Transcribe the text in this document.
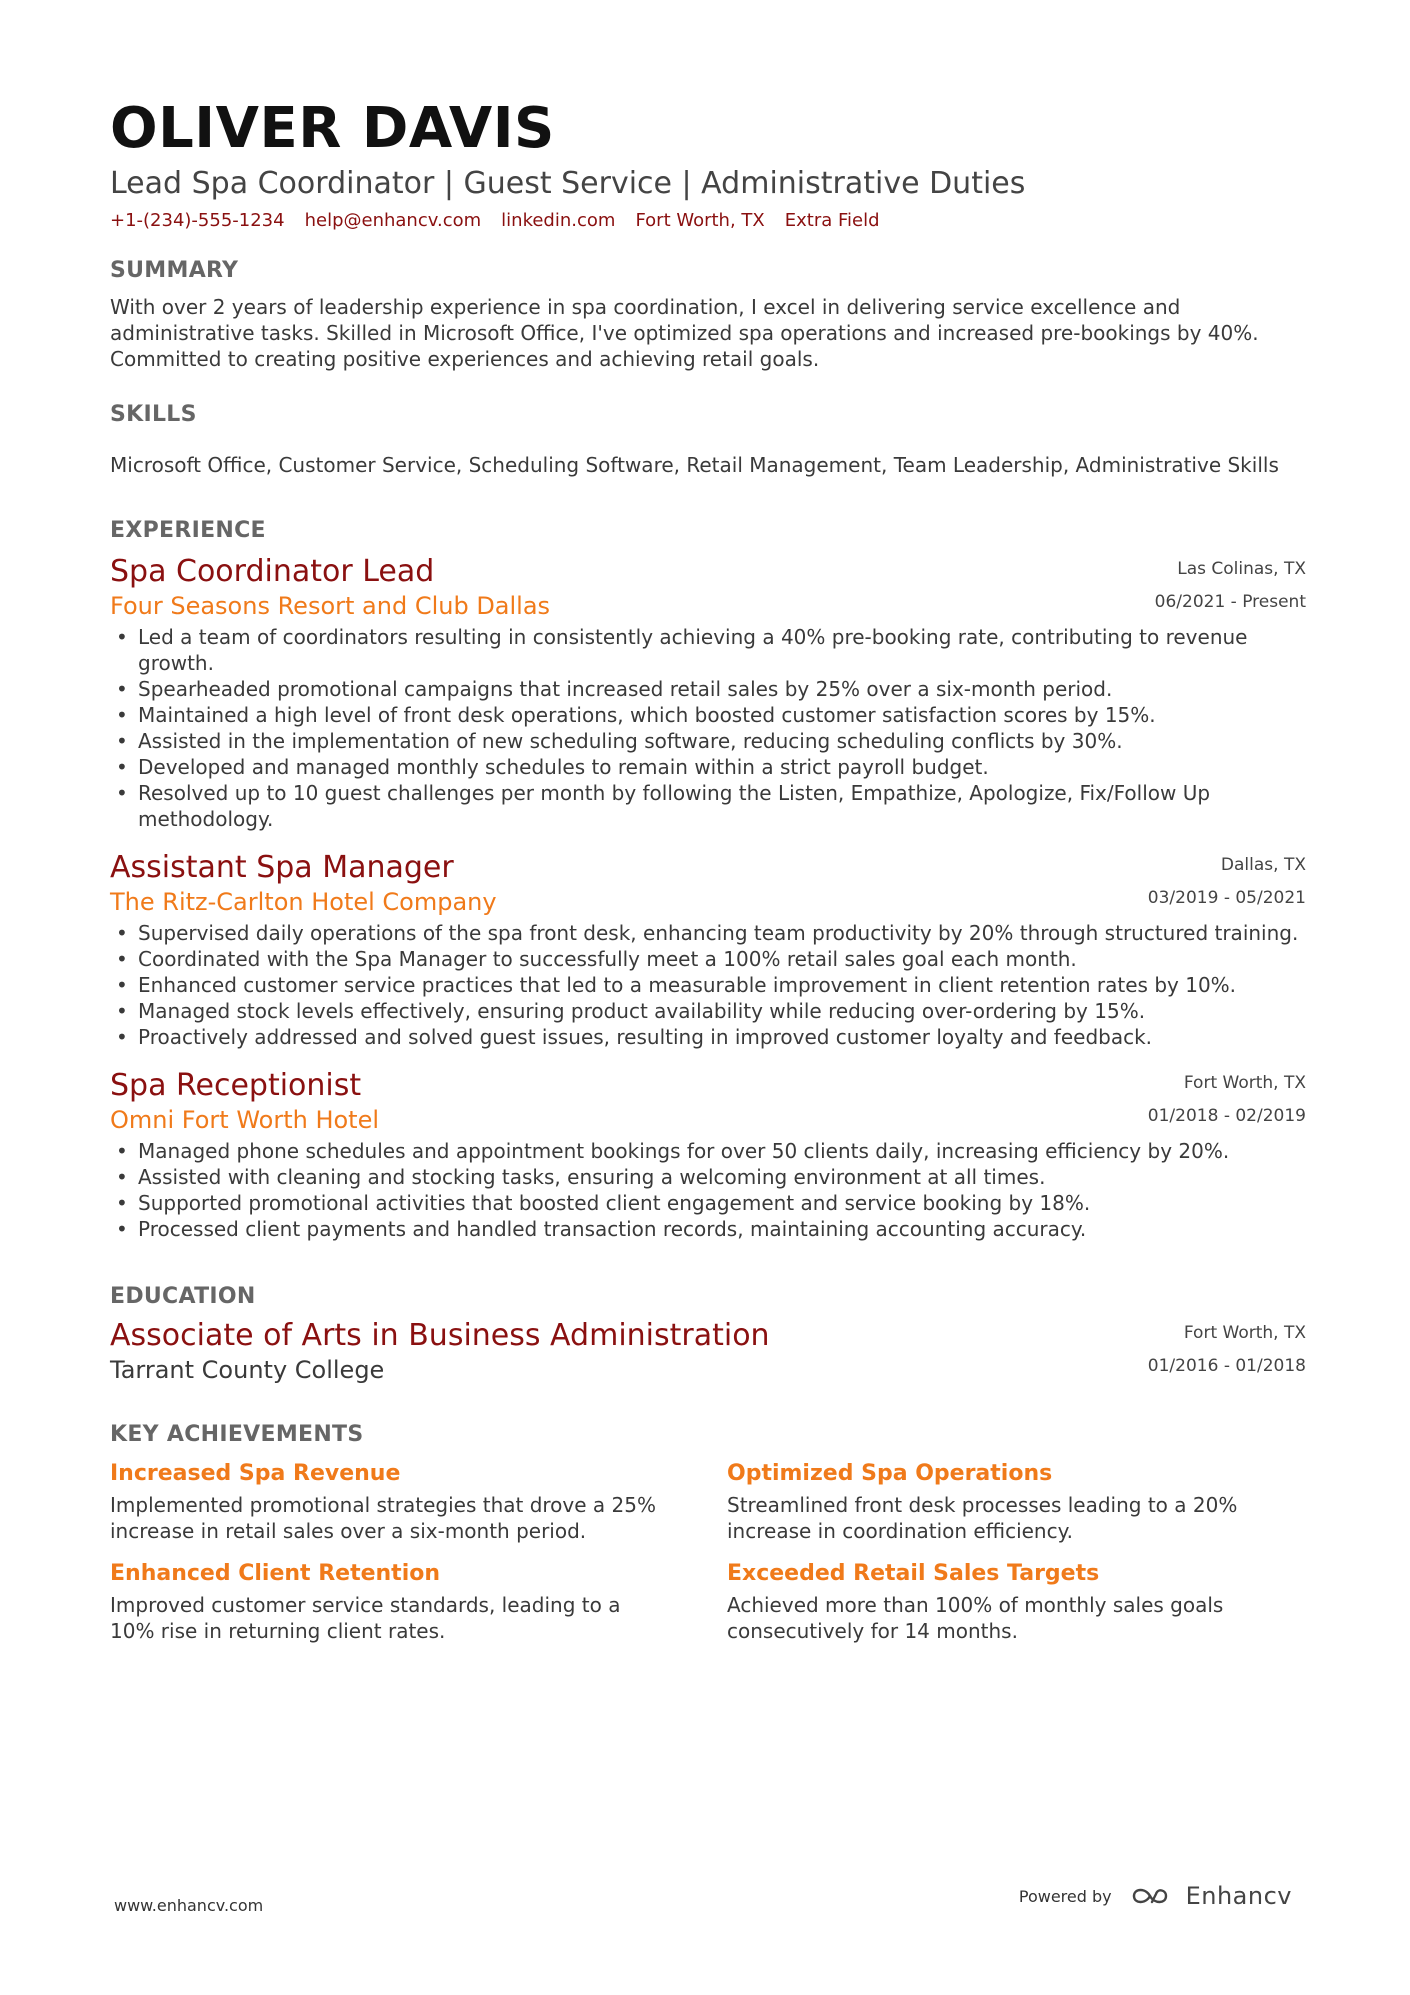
OLIVER DAVIS
Lead Spa Coordinator | Guest Service | Administrative Duties
+1-(234)-555-1234 help@enhancv.com linkedin.com Fort Worth, TX Extra Field
SUMMARY
With over 2 years of leadership experience in spa coordination, I excel in delivering service excellence and administrative tasks. Skilled in Microsoft Office, I've optimized spa operations and increased pre-bookings by 40%. Committed to creating positive experiences and achieving retail goals.
SKILLS
Microsoft Office, Customer Service, Scheduling Software, Retail Management, Team Leadership, Administrative Skills
EXPERIENCE
Spa Coordinator Lead
Four Seasons Resort and Club Dallas
Las Colinas, TX
06/2021 - Present
• Led a team of coordinators resulting in consistently achieving a 40% pre-booking rate, contributing to revenue growth.
• Spearheaded promotional campaigns that increased retail sales by 25% over a six-month period.
• Maintained a high level of front desk operations, which boosted customer satisfaction scores by 15%.
• Assisted in the implementation of new scheduling software, reducing scheduling conflicts by 30%.
• Developed and managed monthly schedules to remain within a strict payroll budget.
• Resolved up to 10 guest challenges per month by following the Listen, Empathize, Apologize, Fix/Follow Up methodology.
Assistant Spa Manager
The Ritz-Carlton Hotel Company
Dallas, TX
03/2019 - 05/2021
• Supervised daily operations of the spa front desk, enhancing team productivity by 20% through structured training.
• Coordinated with the Spa Manager to successfully meet a 100% retail sales goal each month.
• Enhanced customer service practices that led to a measurable improvement in client retention rates by 10%.
• Managed stock levels effectively, ensuring product availability while reducing over-ordering by 15%.
• Proactively addressed and solved guest issues, resulting in improved customer loyalty and feedback.
Spa Receptionist
Omni Fort Worth Hotel
Fort Worth, TX
01/2018 - 02/2019
• Managed phone schedules and appointment bookings for over 50 clients daily, increasing efficiency by 20%.
• Assisted with cleaning and stocking tasks, ensuring a welcoming environment at all times.
• Supported promotional activities that boosted client engagement and service booking by 18%.
• Processed client payments and handled transaction records, maintaining accounting accuracy.
EDUCATION
Associate of Arts in Business Administration
Tarrant County College
Fort Worth, TX
01/2016 - 01/2018
KEY ACHIEVEMENTS
Increased Spa Revenue
Implemented promotional strategies that drove a 25% increase in retail sales over a six-month period.
Optimized Spa Operations
Streamlined front desk processes leading to a 20% increase in coordination efficiency.
Enhanced Client Retention
Improved customer service standards, leading to a 10% rise in returning client rates.
Exceeded Retail Sales Targets
Achieved more than 100% of monthly sales goals consecutively for 14 months.
www.enhancv.com	Powered by	Enhancv
